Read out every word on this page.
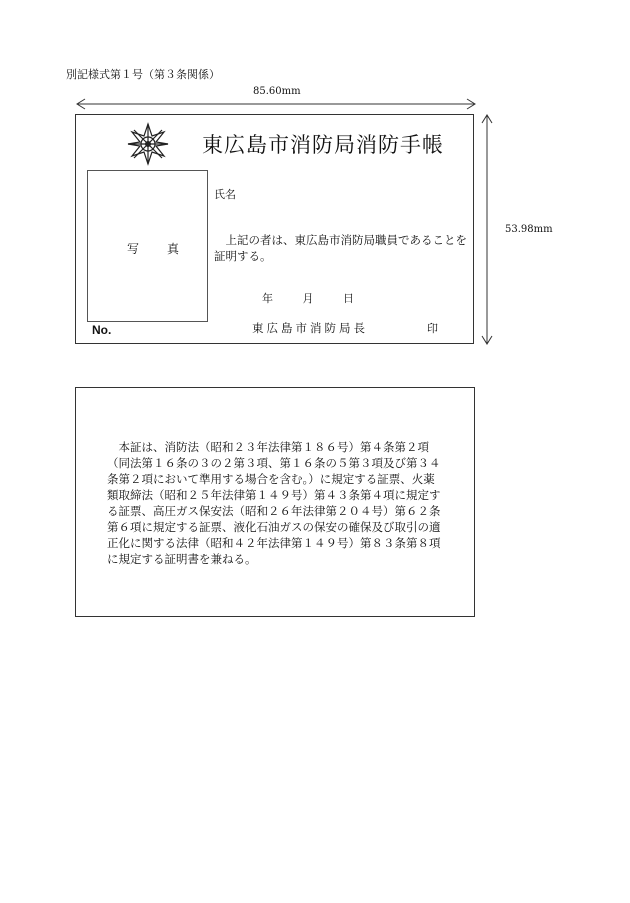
別記様式第１号（第３条関係）
85.60mm
53.98mm
東広島市消防局消防手帳
写　真
氏名
上記の者は、東広島市消防局職員であることを証明する。
年	月	日
No.	東広島市消防局長	印
本証は、消防法（昭和２３年法律第１８６号）第４条第２項（同法第１６条の３の２第３項、第１６条の５第３項及び第３４条第２項において準用する場合を含む。）に規定する証票、火薬類取締法（昭和２５年法律第１４９号）第４３条第４項に規定する証票、高圧ガス保安法（昭和２６年法律第２０４号）第６２条第６項に規定する証票、液化石油ガスの保安の確保及び取引の適正化に関する法律（昭和４２年法律第１４９号）第８３条第８項に規定する証明書を兼ねる。
